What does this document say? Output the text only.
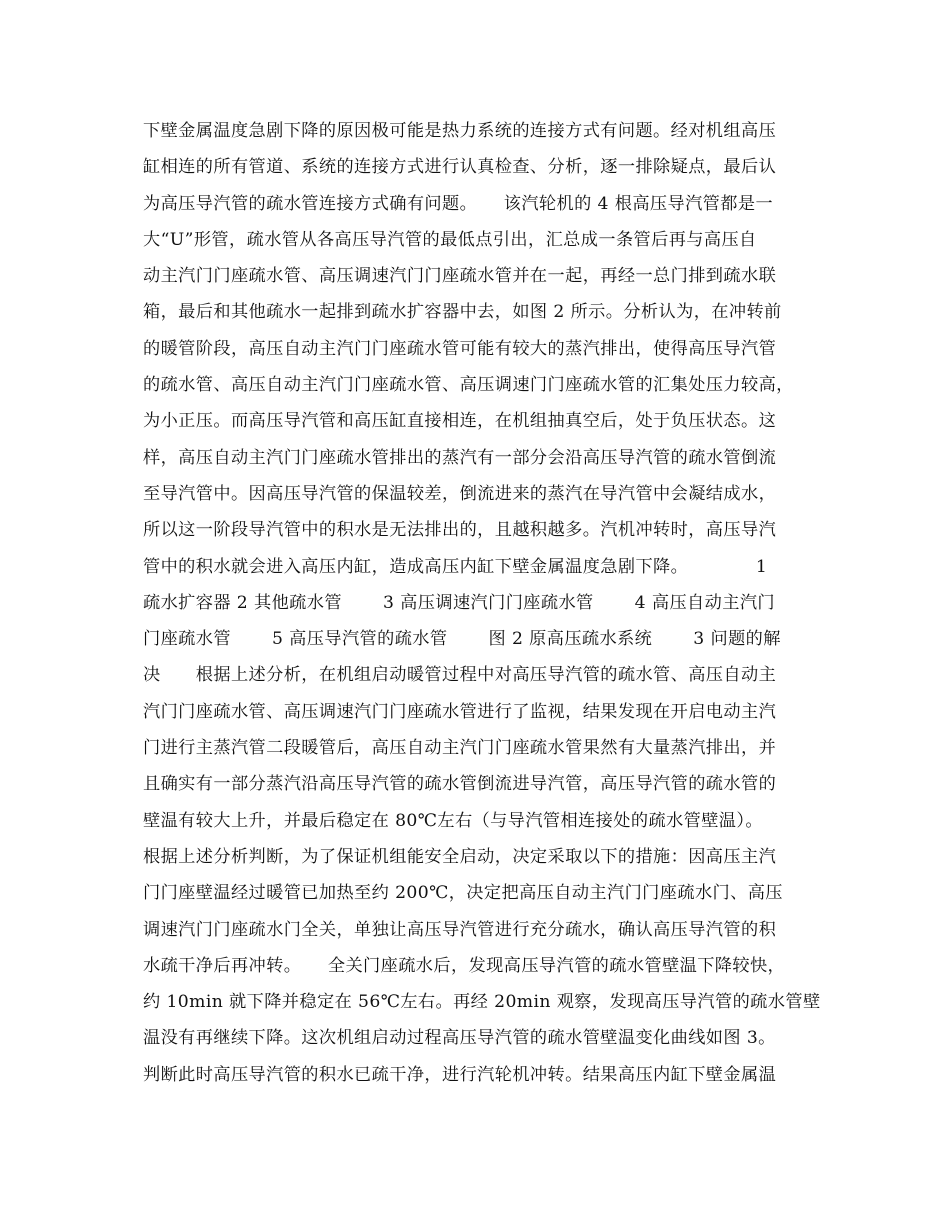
下壁金属温度急剧下降的原因极可能是热力系统的连接方式有问题。经对机组高压
缸相连的所有管道、系统的连接方式进行认真检查、分析，逐一排除疑点，最后认
为高压导汽管的疏水管连接方式确有问题。　　该汽轮机的 4 根高压导汽管都是一
大“U”形管，疏水管从各高压导汽管的最低点引出，汇总成一条管后再与高压自
动主汽门门座疏水管、高压调速汽门门座疏水管并在一起，再经一总门排到疏水联
箱，最后和其他疏水一起排到疏水扩容器中去，如图 2 所示。分析认为，在冲转前
的暖管阶段，高压自动主汽门门座疏水管可能有较大的蒸汽排出，使得高压导汽管
的疏水管、高压自动主汽门门座疏水管、高压调速门门座疏水管的汇集处压力较高，
为小正压。而高压导汽管和高压缸直接相连，在机组抽真空后，处于负压状态。这
样，高压自动主汽门门座疏水管排出的蒸汽有一部分会沿高压导汽管的疏水管倒流
至导汽管中。因高压导汽管的保温较差，倒流进来的蒸汽在导汽管中会凝结成水，
所以这一阶段导汽管中的积水是无法排出的，且越积越多。汽机冲转时，高压导汽
管中的积水就会进入高压内缸，造成高压内缸下壁金属温度急剧下降。　　　　 1
疏水扩容器 2 其他疏水管　　 3 高压调速汽门门座疏水管　　 4 高压自动主汽门
门座疏水管　　 5 高压导汽管的疏水管　　 图 2 原高压疏水系统　　 3 问题的解
决　　根据上述分析，在机组启动暖管过程中对高压导汽管的疏水管、高压自动主
汽门门座疏水管、高压调速汽门门座疏水管进行了监视，结果发现在开启电动主汽
门进行主蒸汽管二段暖管后，高压自动主汽门门座疏水管果然有大量蒸汽排出，并
且确实有一部分蒸汽沿高压导汽管的疏水管倒流进导汽管，高压导汽管的疏水管的
壁温有较大上升，并最后稳定在 80℃左右（与导汽管相连接处的疏水管壁温）。
根据上述分析判断，为了保证机组能安全启动，决定采取以下的措施：因高压主汽
门门座壁温经过暖管已加热至约 200℃，决定把高压自动主汽门门座疏水门、高压
调速汽门门座疏水门全关，单独让高压导汽管进行充分疏水，确认高压导汽管的积
水疏干净后再冲转。　　全关门座疏水后，发现高压导汽管的疏水管壁温下降较快，
约 10min 就下降并稳定在 56℃左右。再经 20min 观察，发现高压导汽管的疏水管壁
温没有再继续下降。这次机组启动过程高压导汽管的疏水管壁温变化曲线如图 3。
判断此时高压导汽管的积水已疏干净，进行汽轮机冲转。结果高压内缸下壁金属温
